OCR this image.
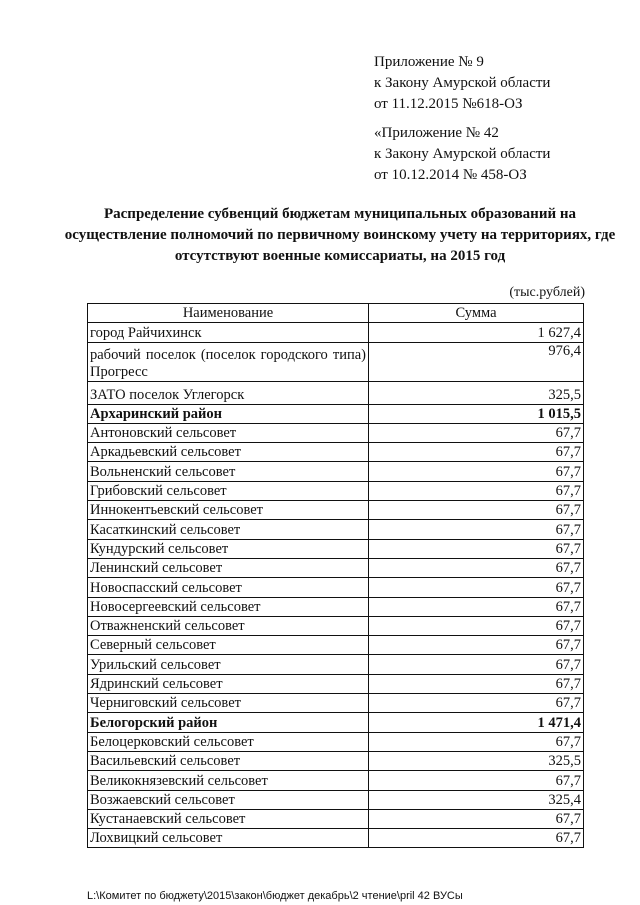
Приложение № 9
к Закону Амурской области
от 11.12.2015 №618-ОЗ
«Приложение № 42
к Закону Амурской области
от 10.12.2014 № 458-ОЗ
Распределение субвенций бюджетам муниципальных образований на осуществление полномочий по первичному воинскому учету на территориях, где отсутствуют военные комиссариаты, на 2015 год
(тыс.рублей)
Наименование	Сумма
город Райчихинск	1 627,4
рабочий поселок (поселок городского типа) Прогресс	976,4
ЗАТО поселок Углегорск	325,5
Архаринский район	1 015,5
Антоновский сельсовет	67,7
Аркадьевский сельсовет	67,7
Вольненский сельсовет	67,7
Грибовский сельсовет	67,7
Иннокентьевский сельсовет	67,7
Касаткинский сельсовет	67,7
Кундурский сельсовет	67,7
Ленинский сельсовет	67,7
Новоспасский сельсовет	67,7
Новосергеевский сельсовет	67,7
Отважненский сельсовет	67,7
Северный сельсовет	67,7
Урильский сельсовет	67,7
Ядринский сельсовет	67,7
Черниговский сельсовет	67,7
Белогорский район	1 471,4
Белоцерковский сельсовет	67,7
Васильевский сельсовет	325,5
Великокнязевский сельсовет	67,7
Возжаевский сельсовет	325,4
Кустанаевский сельсовет	67,7
Лохвицкий сельсовет	67,7
L:\Комитет по бюджету\2015\закон\бюджет декабрь\2 чтение\pril 42 ВУСы
